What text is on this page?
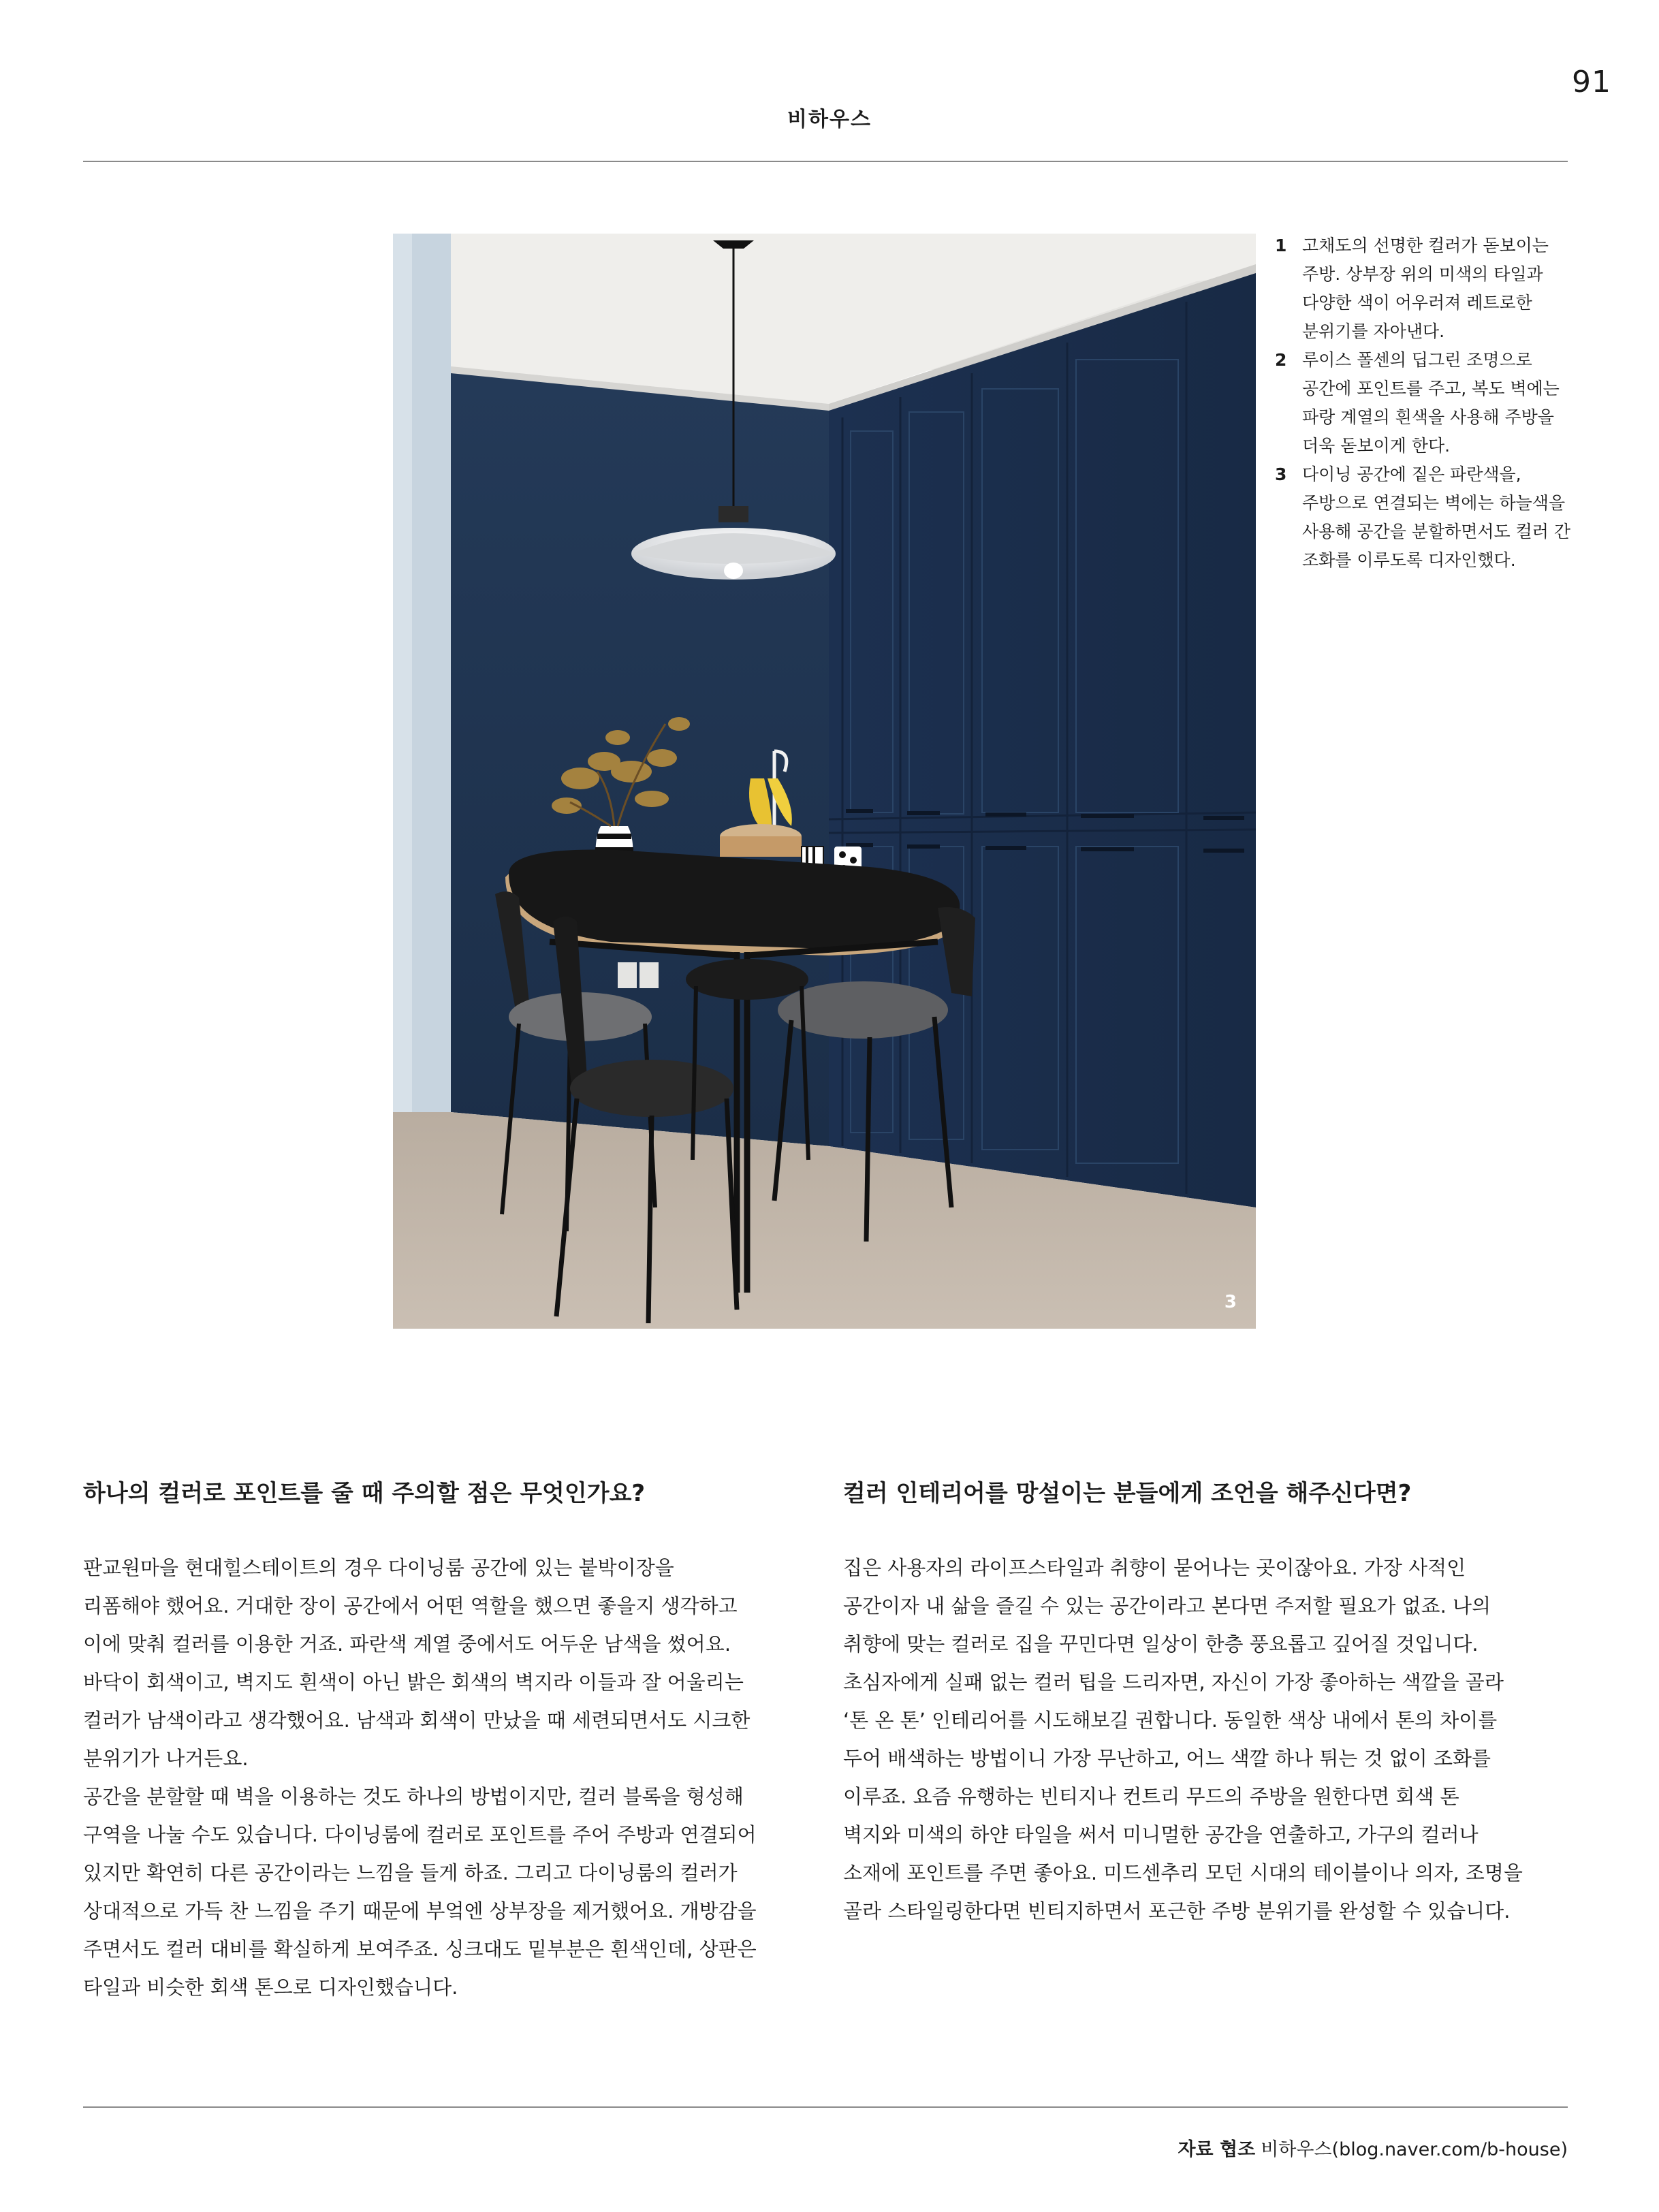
91
비하우스
3

1 고채도의 선명한 컬러가 돋보이는
주방. 상부장 위의 미색의 타일과
다양한 색이 어우러져 레트로한
분위기를 자아낸다.

2 루이스 폴센의 딥그린 조명으로
공간에 포인트를 주고, 복도 벽에는
파랑 계열의 흰색을 사용해 주방을
더욱 돋보이게 한다.

3 다이닝 공간에 짙은 파란색을,
주방으로 연결되는 벽에는 하늘색을
사용해 공간을 분할하면서도 컬러 간
조화를 이루도록 디자인했다.

하나의 컬러로 포인트를 줄 때 주의할 점은 무엇인가요?

판교원마을 현대힐스테이트의 경우 다이닝룸 공간에 있는 붙박이장을
리폼해야 했어요. 거대한 장이 공간에서 어떤 역할을 했으면 좋을지 생각하고
이에 맞춰 컬러를 이용한 거죠. 파란색 계열 중에서도 어두운 남색을 썼어요.
바닥이 회색이고, 벽지도 흰색이 아닌 밝은 회색의 벽지라 이들과 잘 어울리는
컬러가 남색이라고 생각했어요. 남색과 회색이 만났을 때 세련되면서도 시크한
분위기가 나거든요.
공간을 분할할 때 벽을 이용하는 것도 하나의 방법이지만, 컬러 블록을 형성해
구역을 나눌 수도 있습니다. 다이닝룸에 컬러로 포인트를 주어 주방과 연결되어
있지만 확연히 다른 공간이라는 느낌을 들게 하죠. 그리고 다이닝룸의 컬러가
상대적으로 가득 찬 느낌을 주기 때문에 부엌엔 상부장을 제거했어요. 개방감을
주면서도 컬러 대비를 확실하게 보여주죠. 싱크대도 밑부분은 흰색인데, 상판은
타일과 비슷한 회색 톤으로 디자인했습니다.

컬러 인테리어를 망설이는 분들에게 조언을 해주신다면?

집은 사용자의 라이프스타일과 취향이 묻어나는 곳이잖아요. 가장 사적인
공간이자 내 삶을 즐길 수 있는 공간이라고 본다면 주저할 필요가 없죠. 나의
취향에 맞는 컬러로 집을 꾸민다면 일상이 한층 풍요롭고 깊어질 것입니다.
초심자에게 실패 없는 컬러 팁을 드리자면, 자신이 가장 좋아하는 색깔을 골라
‘톤 온 톤’ 인테리어를 시도해보길 권합니다. 동일한 색상 내에서 톤의 차이를
두어 배색하는 방법이니 가장 무난하고, 어느 색깔 하나 튀는 것 없이 조화를
이루죠. 요즘 유행하는 빈티지나 컨트리 무드의 주방을 원한다면 회색 톤
벽지와 미색의 하얀 타일을 써서 미니멀한 공간을 연출하고, 가구의 컬러나
소재에 포인트를 주면 좋아요. 미드센추리 모던 시대의 테이블이나 의자, 조명을
골라 스타일링한다면 빈티지하면서 포근한 주방 분위기를 완성할 수 있습니다.

자료 협조 비하우스(blog.naver.com/b-house)
